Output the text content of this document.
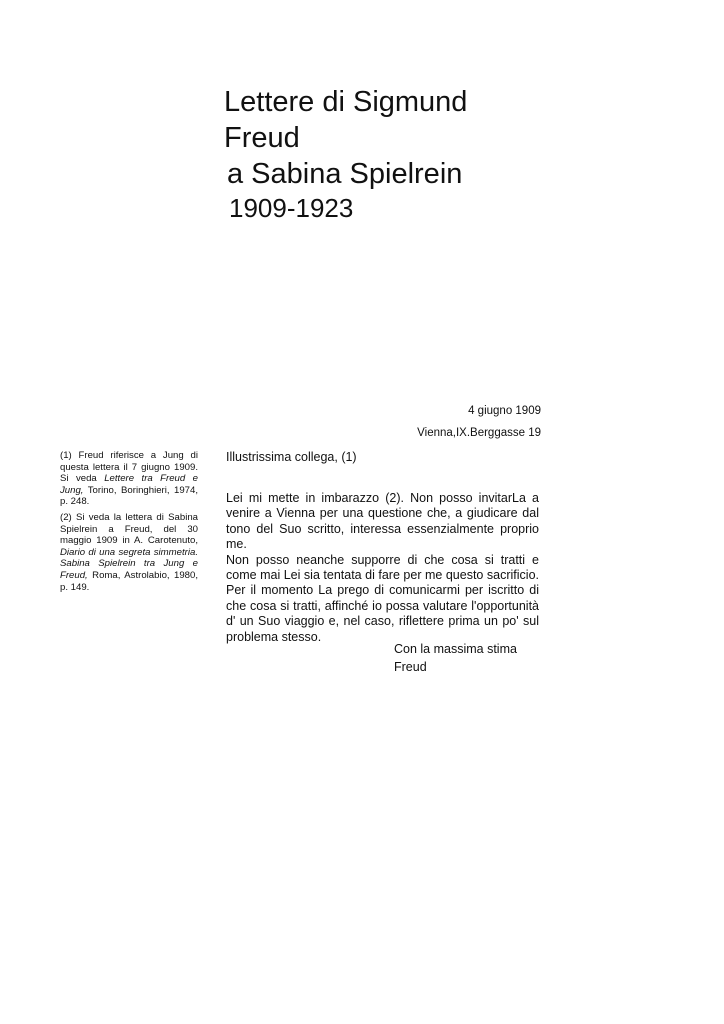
Lettere di Sigmund
Freud
a Sabina Spielrein
1909-1923
4 giugno 1909
Vienna,IX.Berggasse 19
(1) Freud riferisce a Jung di questa lettera il 7 giugno 1909. Si veda Lettere tra Freud e Jung, Torino, Boringhieri, 1974, p. 248.
(2) Si veda la lettera di Sabina Spielrein a Freud, del 30 maggio 1909 in A. Carotenuto, Diario di una segreta simmetria. Sabina Spielrein tra Jung e Freud, Roma, Astrolabio, 1980, p. 149.
Illustrissima collega, (1)

Lei mi mette in imbarazzo (2). Non posso invitarLa a venire a Vienna per una questione che, a giudicare dal tono del Suo scritto, interessa essenzialmente proprio me.

Non posso neanche supporre di che cosa si tratti e come mai Lei sia tentata di fare per me questo sacrificio. Per il momento La prego di comunicarmi per iscritto di che cosa si tratti, affinché io possa valutare l'opportunità d' un Suo viaggio e, nel caso, riflettere prima un po' sul problema stesso.

Con la massima stima
Freud
